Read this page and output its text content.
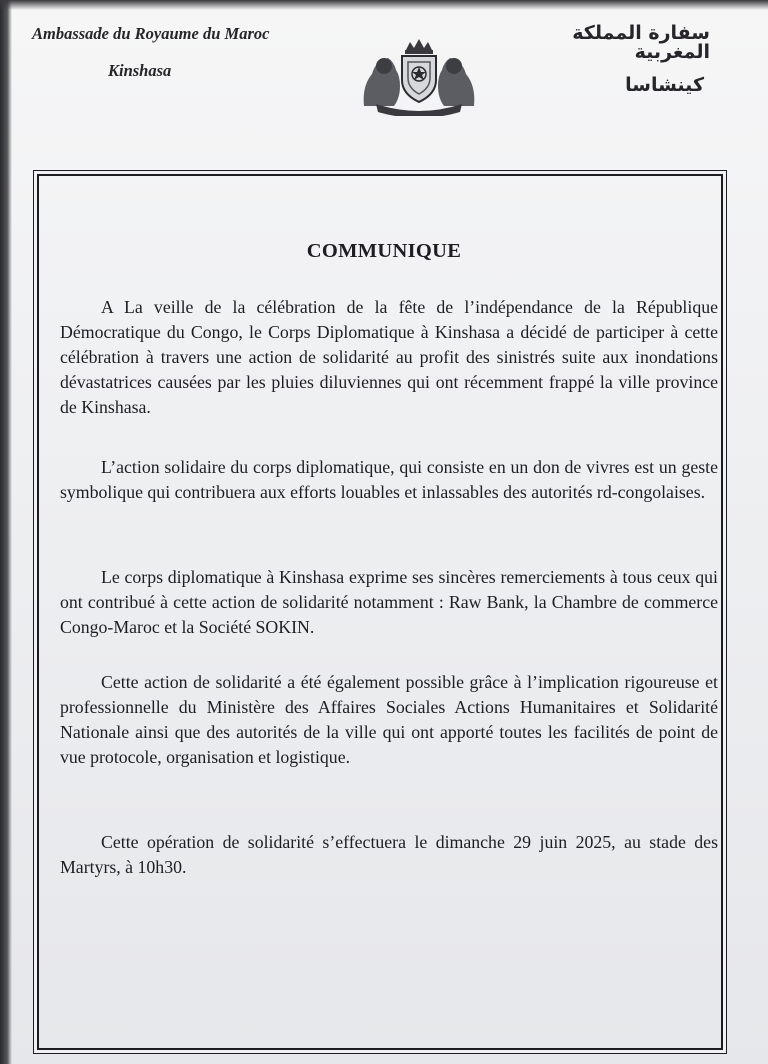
Ambassade du Royaume du Maroc
Kinshasa
سفارة المملكة المغربية
كينشاسا
COMMUNIQUE

A La veille de la célébration de la fête de l’indépendance de la République Démocratique du Congo, le Corps Diplomatique à Kinshasa a décidé de participer à cette célébration à travers une action de solidarité au profit des sinistrés suite aux inondations dévastatrices causées par les pluies diluviennes qui ont récemment frappé la ville province de Kinshasa.

L’action solidaire du corps diplomatique, qui consiste en un don de vivres est un geste symbolique qui contribuera aux efforts louables et inlassables des autorités rd-congolaises.

Le corps diplomatique à Kinshasa exprime ses sincères remerciements à tous ceux qui ont contribué à cette action de solidarité notamment : Raw Bank, la Chambre de commerce Congo-Maroc et la Société SOKIN.

Cette action de solidarité a été également possible grâce à l’implication rigoureuse et professionnelle du Ministère des Affaires Sociales Actions Humanitaires et Solidarité Nationale ainsi que des autorités de la ville qui ont apporté toutes les facilités de point de vue protocole, organisation et logistique.

Cette opération de solidarité s’effectuera le dimanche 29 juin 2025, au stade des Martyrs, à 10h30.
